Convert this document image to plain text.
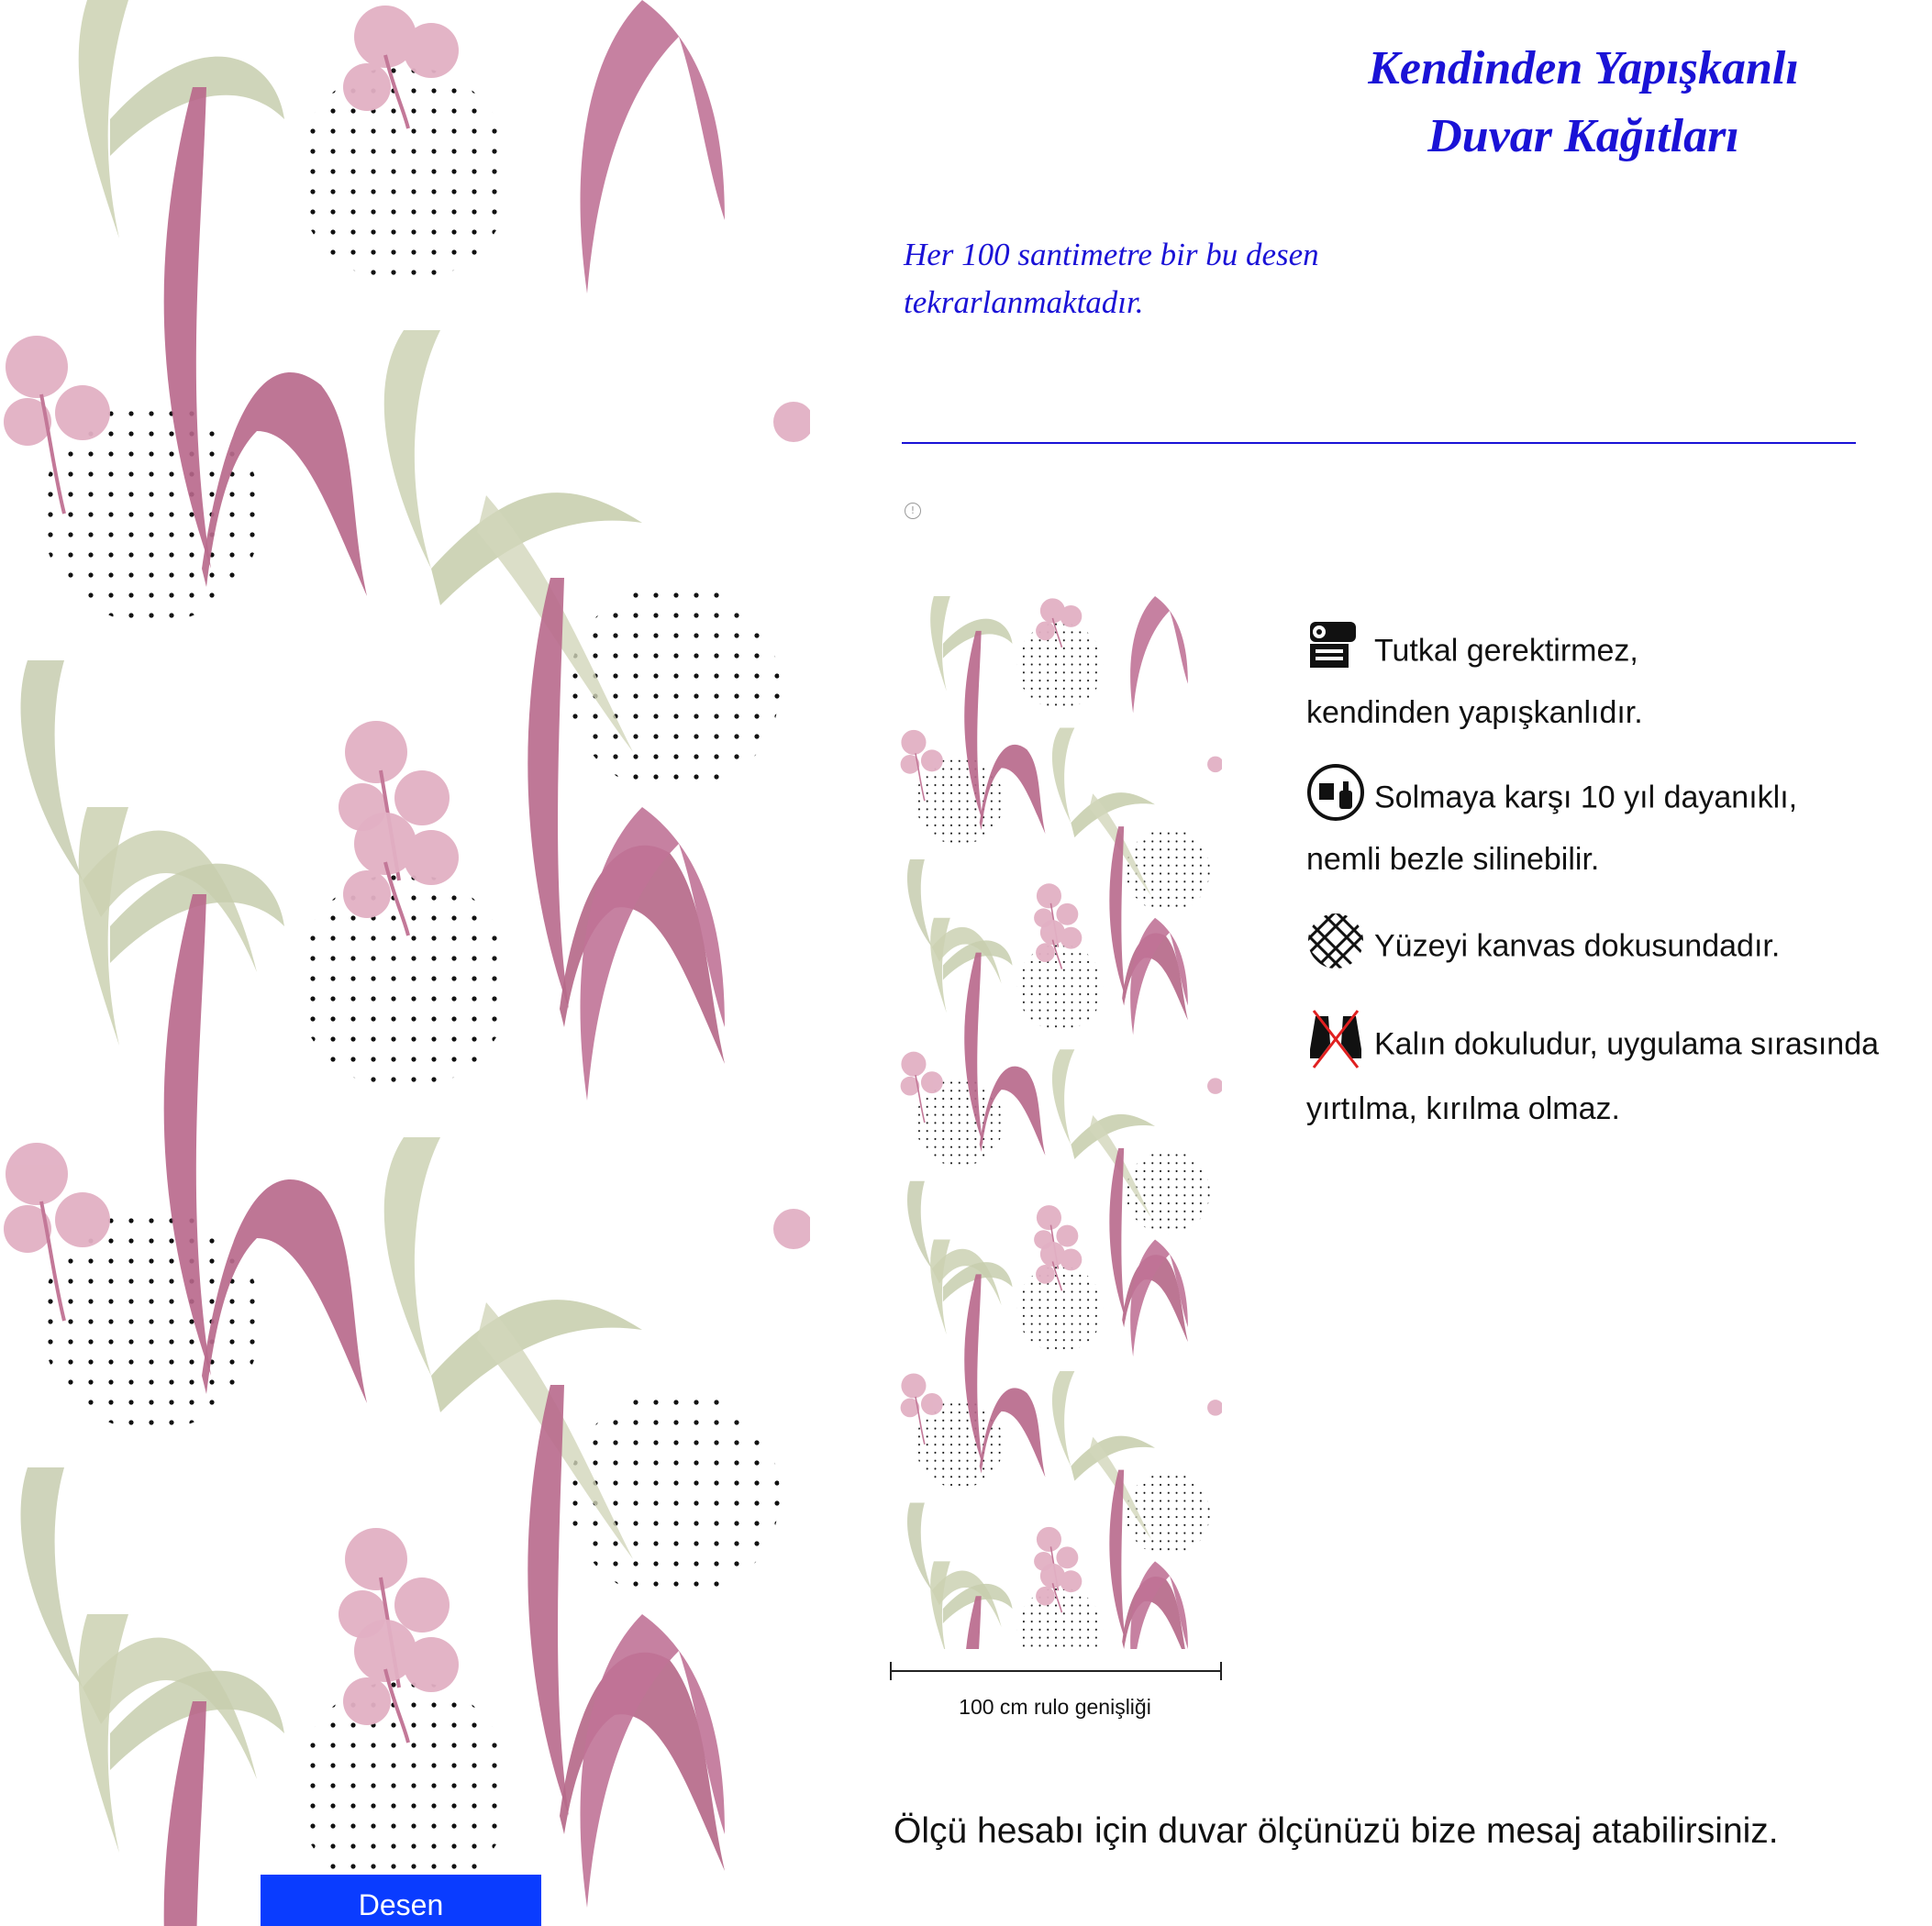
Desen
Kendinden Yapışkanlı
Duvar Kağıtları
Her 100 santimetre bir bu desen
tekrarlanmaktadır.
!
100 cm rulo genişliği
Tutkal gerektirmez,
kendinden yapışkanlıdır.
Solmaya karşı 10 yıl dayanıklı,
nemli bezle silinebilir.
Yüzeyi kanvas dokusundadır.
Kalın dokuludur, uygulama sırasında
yırtılma, kırılma olmaz.
Ölçü hesabı için duvar ölçünüzü bize mesaj atabilirsiniz.
